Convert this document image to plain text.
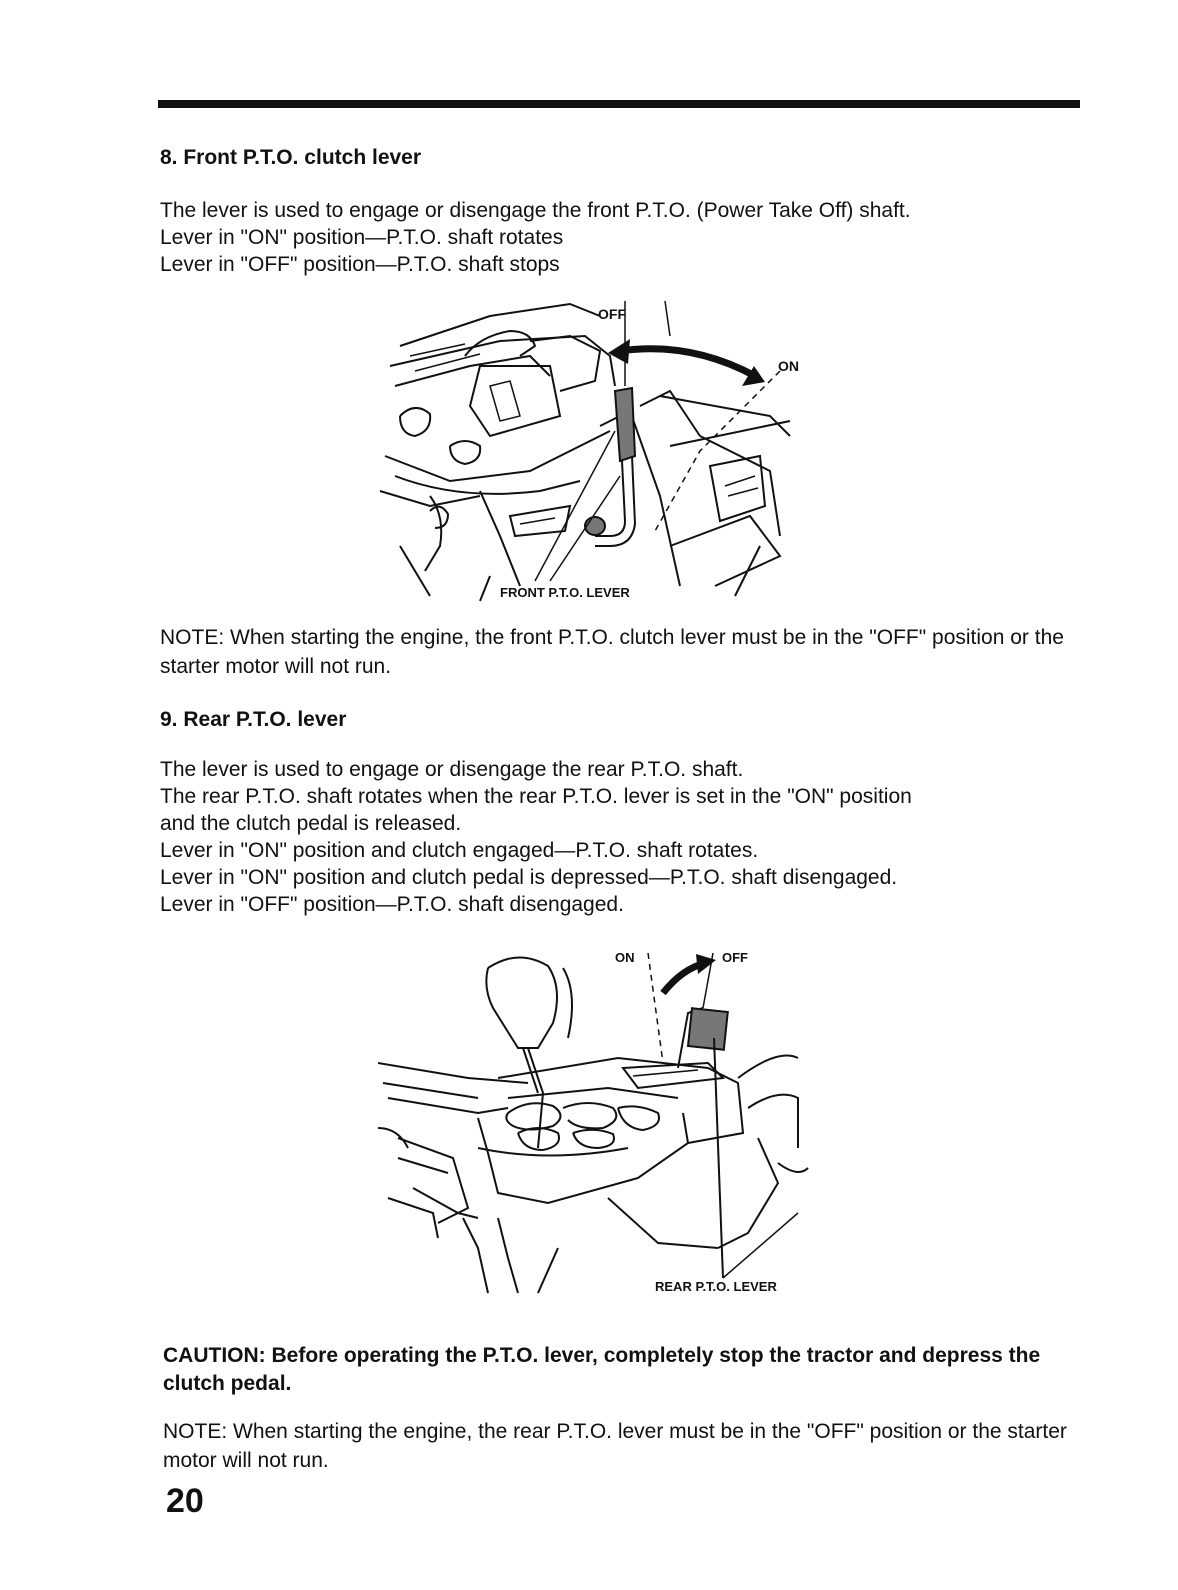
8. Front P.T.O. clutch lever
The lever is used to engage or disengage the front P.T.O. (Power Take Off) shaft.
Lever in "ON" position—P.T.O. shaft rotates
Lever in "OFF" position—P.T.O. shaft stops
OFF
ON
FRONT P.T.O. LEVER
NOTE: When starting the engine, the front P.T.O. clutch lever must be in the "OFF" position or the starter motor will not run.
9. Rear P.T.O. lever
The lever is used to engage or disengage the rear P.T.O. shaft.
The rear P.T.O. shaft rotates when the rear P.T.O. lever is set in the "ON" position
and the clutch pedal is released.
Lever in "ON" position and clutch engaged—P.T.O. shaft rotates.
Lever in "ON" position and clutch pedal is depressed—P.T.O. shaft disengaged.
Lever in "OFF" position—P.T.O. shaft disengaged.
ON	OFF
REAR P.T.O. LEVER
CAUTION: Before operating the P.T.O. lever, completely stop the tractor and depress the clutch pedal.
NOTE: When starting the engine, the rear P.T.O. lever must be in the "OFF" position or the starter motor will not run.
20
